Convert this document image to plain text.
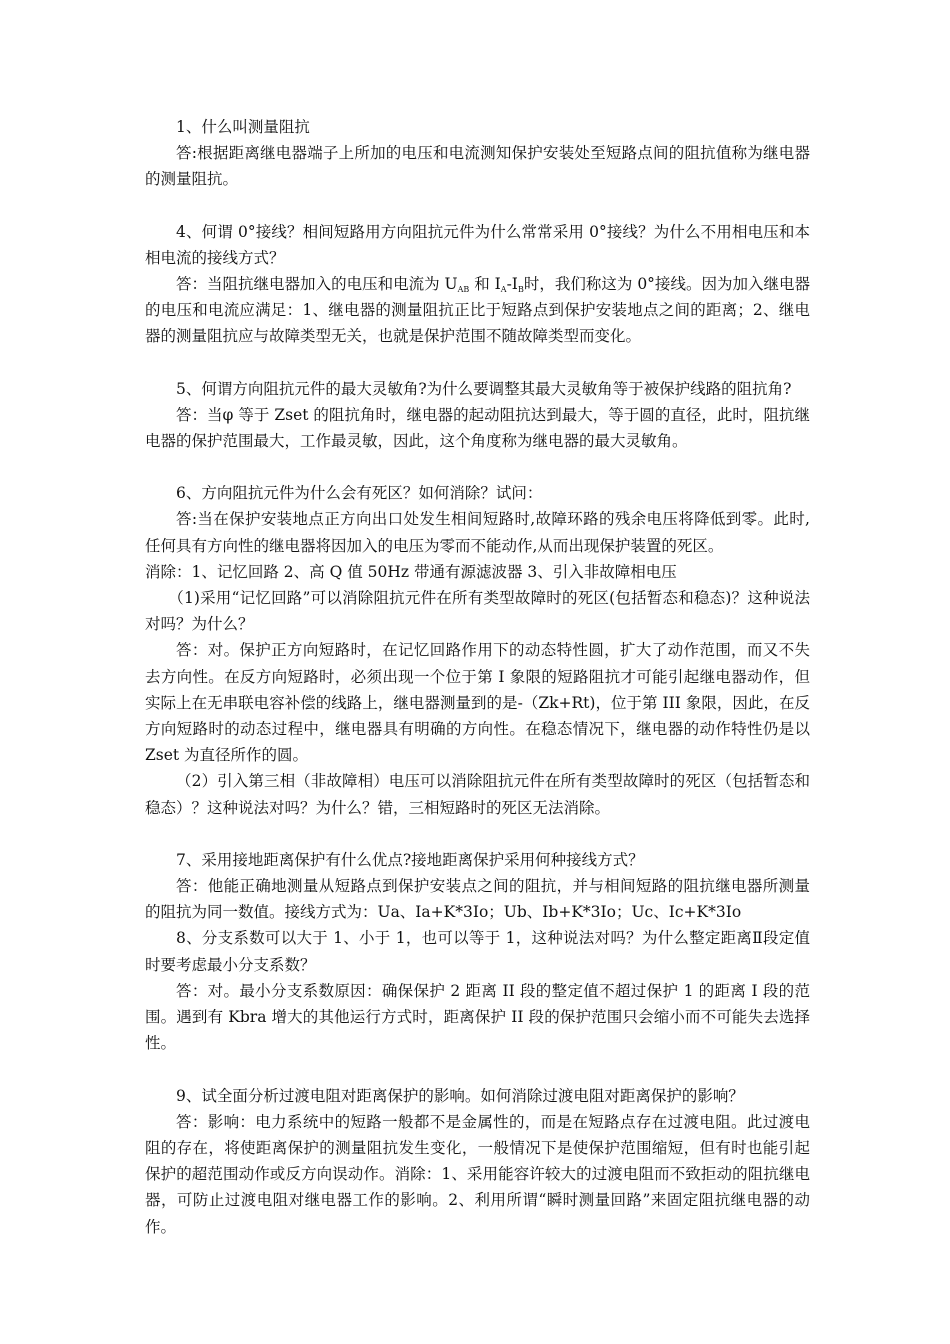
1、什么叫测量阻抗

答:根据距离继电器端子上所加的电压和电流测知保护安装处至短路点间的阻抗值称为继电器的测量阻抗。

4、何谓 0°接线？相间短路用方向阻抗元件为什么常常采用 0°接线？为什么不用相电压和本相电流的接线方式？

答：当阻抗继电器加入的电压和电流为 $U_{AB}$ 和 $I_A-I_B$时，我们称这为 0°接线。因为加入继电器的电压和电流应满足：1、继电器的测量阻抗正比于短路点到保护安装地点之间的距离；2、继电器的测量阻抗应与故障类型无关，也就是保护范围不随故障类型而变化。

5、何谓方向阻抗元件的最大灵敏角?为什么要调整其最大灵敏角等于被保护线路的阻抗角?

答：当φ 等于 Zset 的阻抗角时，继电器的起动阻抗达到最大，等于圆的直径，此时，阻抗继电器的保护范围最大，工作最灵敏，因此，这个角度称为继电器的最大灵敏角。

6、方向阻抗元件为什么会有死区？如何消除？试问：

答:当在保护安装地点正方向出口处发生相间短路时,故障环路的残余电压将降低到零。此时,任何具有方向性的继电器将因加入的电压为零而不能动作,从而出现保护装置的死区。

消除：1、记忆回路 2、高 Q 值 50Hz 带通有源滤波器 3、引入非故障相电压

（1)采用“记忆回路”可以消除阻抗元件在所有类型故障时的死区(包括暂态和稳态)？这种说法对吗？为什么？

答：对。保护正方向短路时，在记忆回路作用下的动态特性圆，扩大了动作范围，而又不失去方向性。在反方向短路时，必须出现一个位于第 I 象限的短路阻抗才可能引起继电器动作，但实际上在无串联电容补偿的线路上，继电器测量到的是-（Zk+Rt)，位于第 III 象限，因此，在反方向短路时的动态过程中，继电器具有明确的方向性。在稳态情况下，继电器的动作特性仍是以 Zset 为直径所作的圆。

（2）引入第三相（非故障相）电压可以消除阻抗元件在所有类型故障时的死区（包括暂态和稳态）？这种说法对吗？为什么？错，三相短路时的死区无法消除。

7、采用接地距离保护有什么优点?接地距离保护采用何种接线方式？

答：他能正确地测量从短路点到保护安装点之间的阻抗，并与相间短路的阻抗继电器所测量的阻抗为同一数值。接线方式为：Ua、Ia+K*3Io；Ub、Ib+K*3Io；Uc、Ic+K*3Io

8、分支系数可以大于 1、小于 1，也可以等于 1，这种说法对吗？为什么整定距离Ⅱ段定值时要考虑最小分支系数？

答：对。最小分支系数原因：确保保护 2 距离 II 段的整定值不超过保护 1 的距离 I 段的范围。遇到有 Kbra 增大的其他运行方式时，距离保护 II 段的保护范围只会缩小而不可能失去选择性。

9、试全面分析过渡电阻对距离保护的影响。如何消除过渡电阻对距离保护的影响？

答：影响：电力系统中的短路一般都不是金属性的，而是在短路点存在过渡电阻。此过渡电阻的存在，将使距离保护的测量阻抗发生变化，一般情况下是使保护范围缩短，但有时也能引起保护的超范围动作或反方向误动作。消除：1、采用能容许较大的过渡电阻而不致拒动的阻抗继电器，可防止过渡电阻对继电器工作的影响。2、利用所谓“瞬时测量回路”来固定阻抗继电器的动作。
